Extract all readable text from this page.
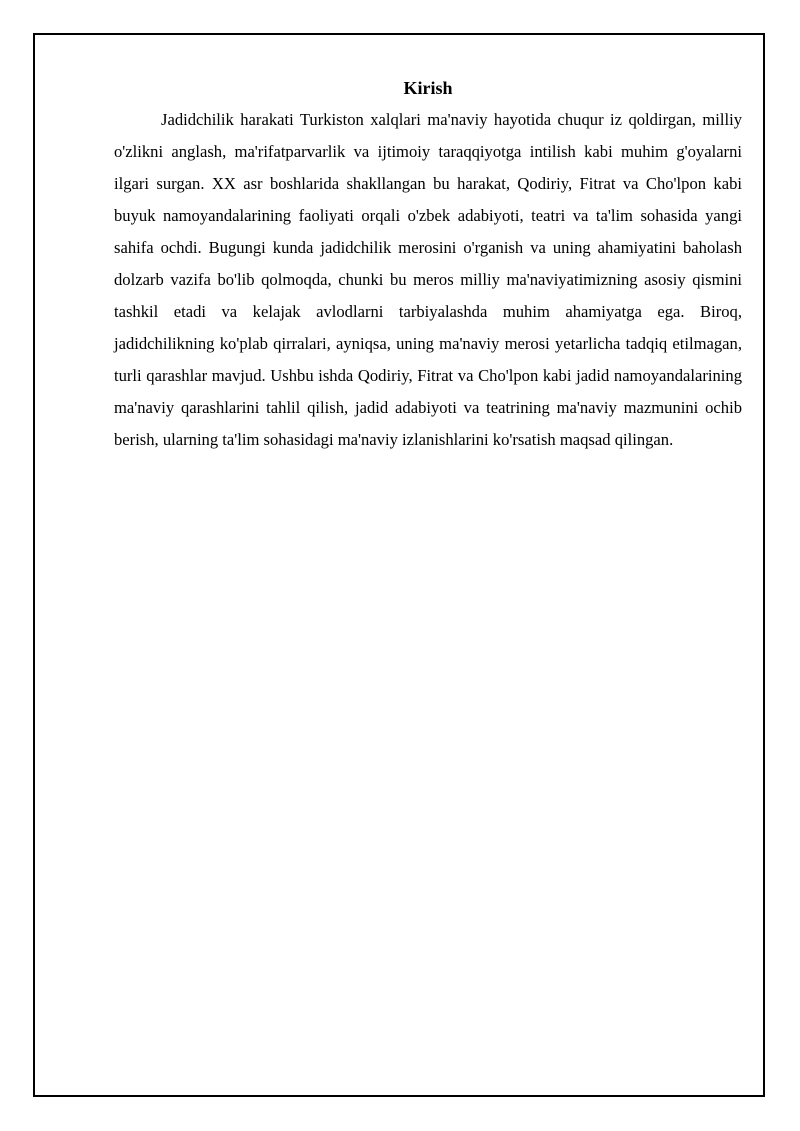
Kirish

Jadidchilik harakati Turkiston xalqlari ma'naviy hayotida chuqur iz qoldirgan, milliy o'zlikni anglash, ma'rifatparvarlik va ijtimoiy taraqqiyotga intilish kabi muhim g'oyalarni ilgari surgan. XX asr boshlarida shakllangan bu harakat, Qodiriy, Fitrat va Cho'lpon kabi buyuk namoyandalarining faoliyati orqali o'zbek adabiyoti, teatri va ta'lim sohasida yangi sahifa ochdi. Bugungi kunda jadidchilik merosini o'rganish va uning ahamiyatini baholash dolzarb vazifa bo'lib qolmoqda, chunki bu meros milliy ma'naviyatimizning asosiy qismini tashkil etadi va kelajak avlodlarni tarbiyalashda muhim ahamiyatga ega. Biroq, jadidchilikning ko'plab qirralari, ayniqsa, uning ma'naviy merosi yetarlicha tadqiq etilmagan, turli qarashlar mavjud. Ushbu ishda Qodiriy, Fitrat va Cho'lpon kabi jadid namoyandalarining ma'naviy qarashlarini tahlil qilish, jadid adabiyoti va teatrining ma'naviy mazmunini ochib berish, ularning ta'lim sohasidagi ma'naviy izlanishlarini ko'rsatish maqsad qilingan.
